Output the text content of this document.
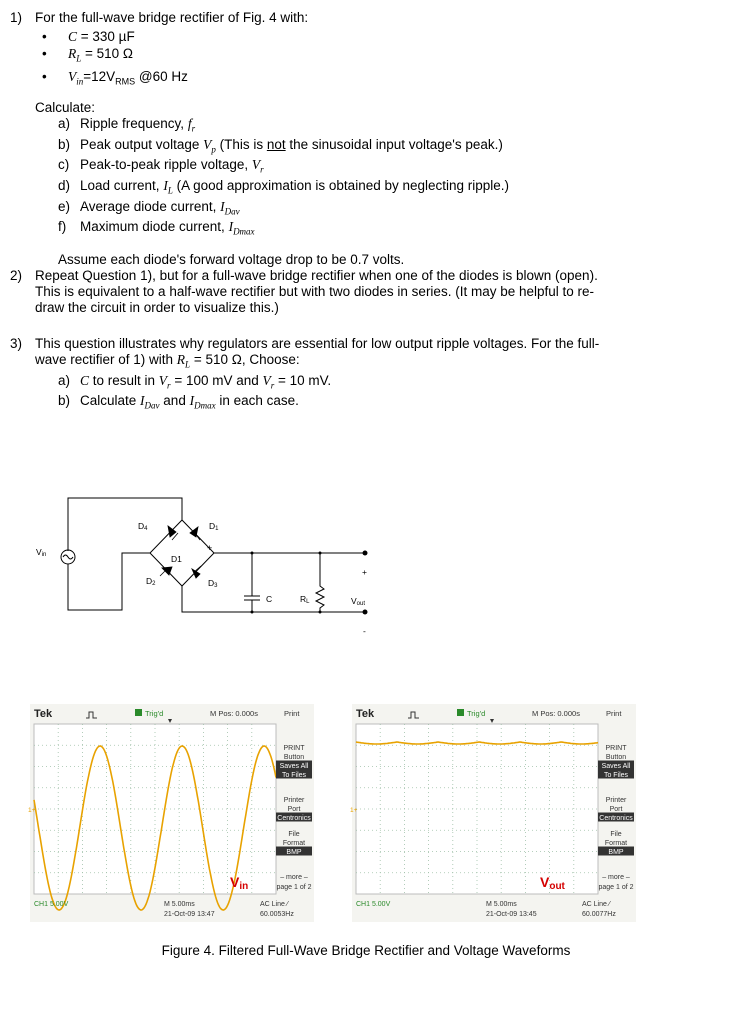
1) For the full-wave bridge rectifier of Fig. 4 with:
• C = 330 µF
• $R_L = 510$ Ω
• $V_{in}=12V_{RMS}$ @60 Hz
Calculate:
a) Ripple frequency, $f_r$
b) Peak output voltage $V_p$ (This is not the sinusoidal input voltage's peak.)
c) Peak-to-peak ripple voltage, $V_r$
d) Load current, $I_L$ (A good approximation is obtained by neglecting ripple.)
e) Average diode current, $I_{Dav}$
f) Maximum diode current, $I_{Dmax}$
Assume each diode's forward voltage drop to be 0.7 volts.
2) Repeat Question 1), but for a full-wave bridge rectifier when one of the diodes is blown (open). This is equivalent to a half-wave rectifier but with two diodes in series. (It may be helpful to re-draw the circuit in order to visualize this.)
3) This question illustrates why regulators are essential for low output ripple voltages. For the full-wave rectifier of 1) with $R_L = 510$ Ω, Choose:
a) C to result in $V_r = 100$ mV and $V_r = 10$ mV.
b) Calculate $I_{Dav}$ and $I_{Dmax}$ in each case.
Vin
D4	D1
D1
D2	D3
C	RL	Vout
+
-
+
Tek	Trig'd	M Pos: 0.000s	Print
1+
Vin
PRINT
Button
Saves All
To Files
Printer
Port
Centronics
File
Format
BMP
– more –
page 1 of 2
CH1 5.00V	M 5.00ms
21-Oct-09 13:47
AC Line ⁄
60.0053Hz
Tek	Trig'd	M Pos: 0.000s	Print
1+
Vout
PRINT
Button
Saves All
To Files
Printer
Port
Centronics
File
Format
BMP
– more –
page 1 of 2
CH1 5.00V	M 5.00ms
21-Oct-09 13:45
AC Line ⁄
60.0077Hz
Figure 4. Filtered Full-Wave Bridge Rectifier and Voltage Waveforms
